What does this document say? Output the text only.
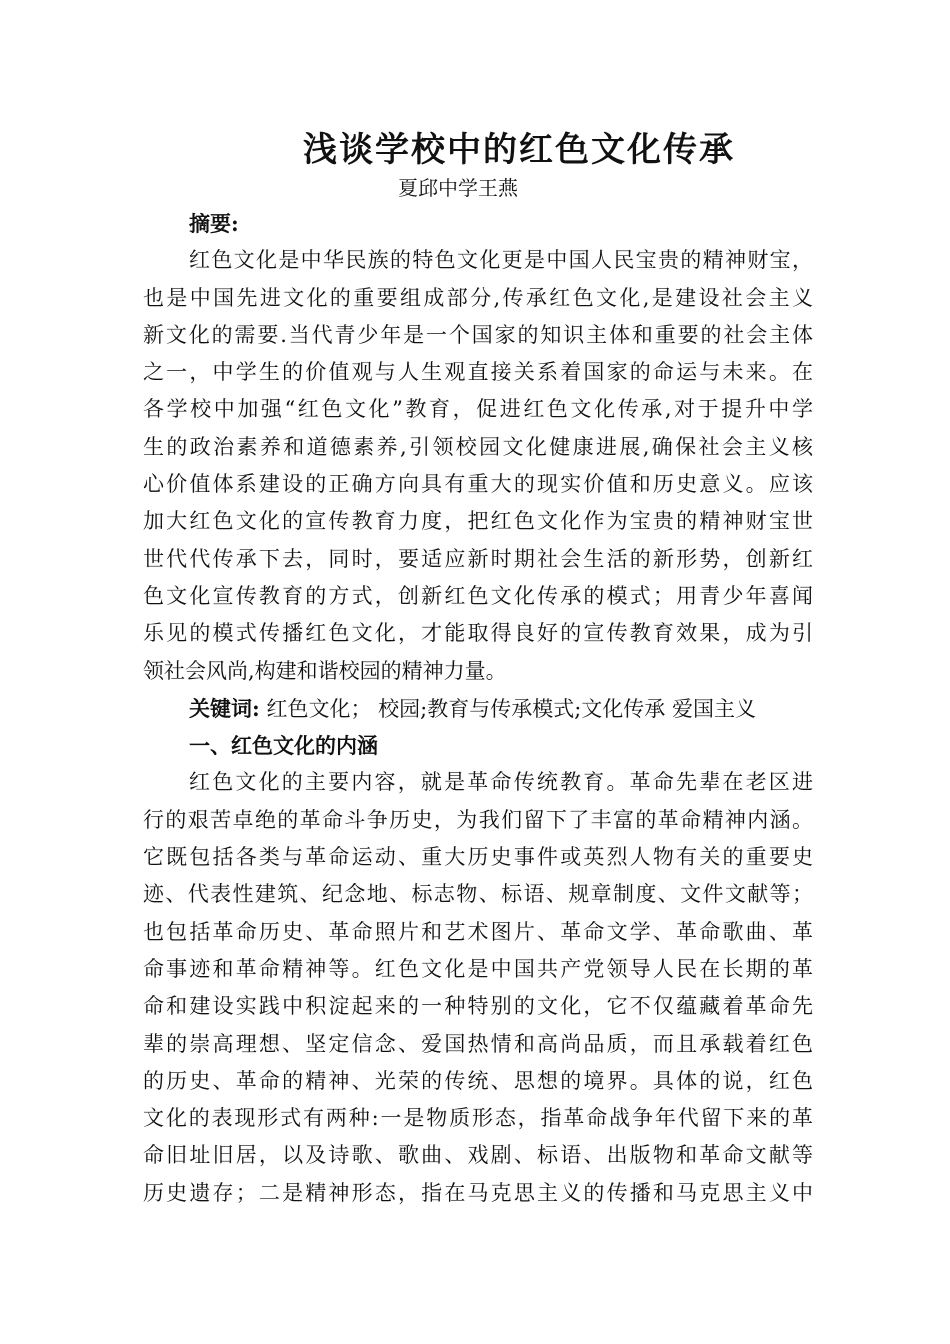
浅谈学校中的红色文化传承
夏邱中学王燕
摘要:
红色文化是中华民族的特色文化更是中国人民宝贵的精神财宝，
也是中国先进文化的重要组成部分,传承红色文化,是建设社会主义
新文化的需要.当代青少年是一个国家的知识主体和重要的社会主体
之一，中学生的价值观与人生观直接关系着国家的命运与未来。在
各学校中加强“红色文化”教育，促进红色文化传承,对于提升中学
生的政治素养和道德素养,引领校园文化健康进展,确保社会主义核
心价值体系建设的正确方向具有重大的现实价值和历史意义。应该
加大红色文化的宣传教育力度，把红色文化作为宝贵的精神财宝世
世代代传承下去，同时，要适应新时期社会生活的新形势，创新红
色文化宣传教育的方式，创新红色文化传承的模式；用青少年喜闻
乐见的模式传播红色文化，才能取得良好的宣传教育效果，成为引
领社会风尚,构建和谐校园的精神力量。
关键词: 红色文化； 校园;教育与传承模式;文化传承 爱国主义
一、红色文化的内涵
红色文化的主要内容，就是革命传统教育。革命先辈在老区进
行的艰苦卓绝的革命斗争历史，为我们留下了丰富的革命精神内涵。
它既包括各类与革命运动、重大历史事件或英烈人物有关的重要史
迹、代表性建筑、纪念地、标志物、标语、规章制度、文件文献等；
也包括革命历史、革命照片和艺术图片、革命文学、革命歌曲、革
命事迹和革命精神等。红色文化是中国共产党领导人民在长期的革
命和建设实践中积淀起来的一种特别的文化，它不仅蕴藏着革命先
辈的崇高理想、坚定信念、爱国热情和高尚品质，而且承载着红色
的历史、革命的精神、光荣的传统、思想的境界。具体的说，红色
文化的表现形式有两种:一是物质形态，指革命战争年代留下来的革
命旧址旧居，以及诗歌、歌曲、戏剧、标语、出版物和革命文献等
历史遗存；二是精神形态，指在马克思主义的传播和马克思主义中
